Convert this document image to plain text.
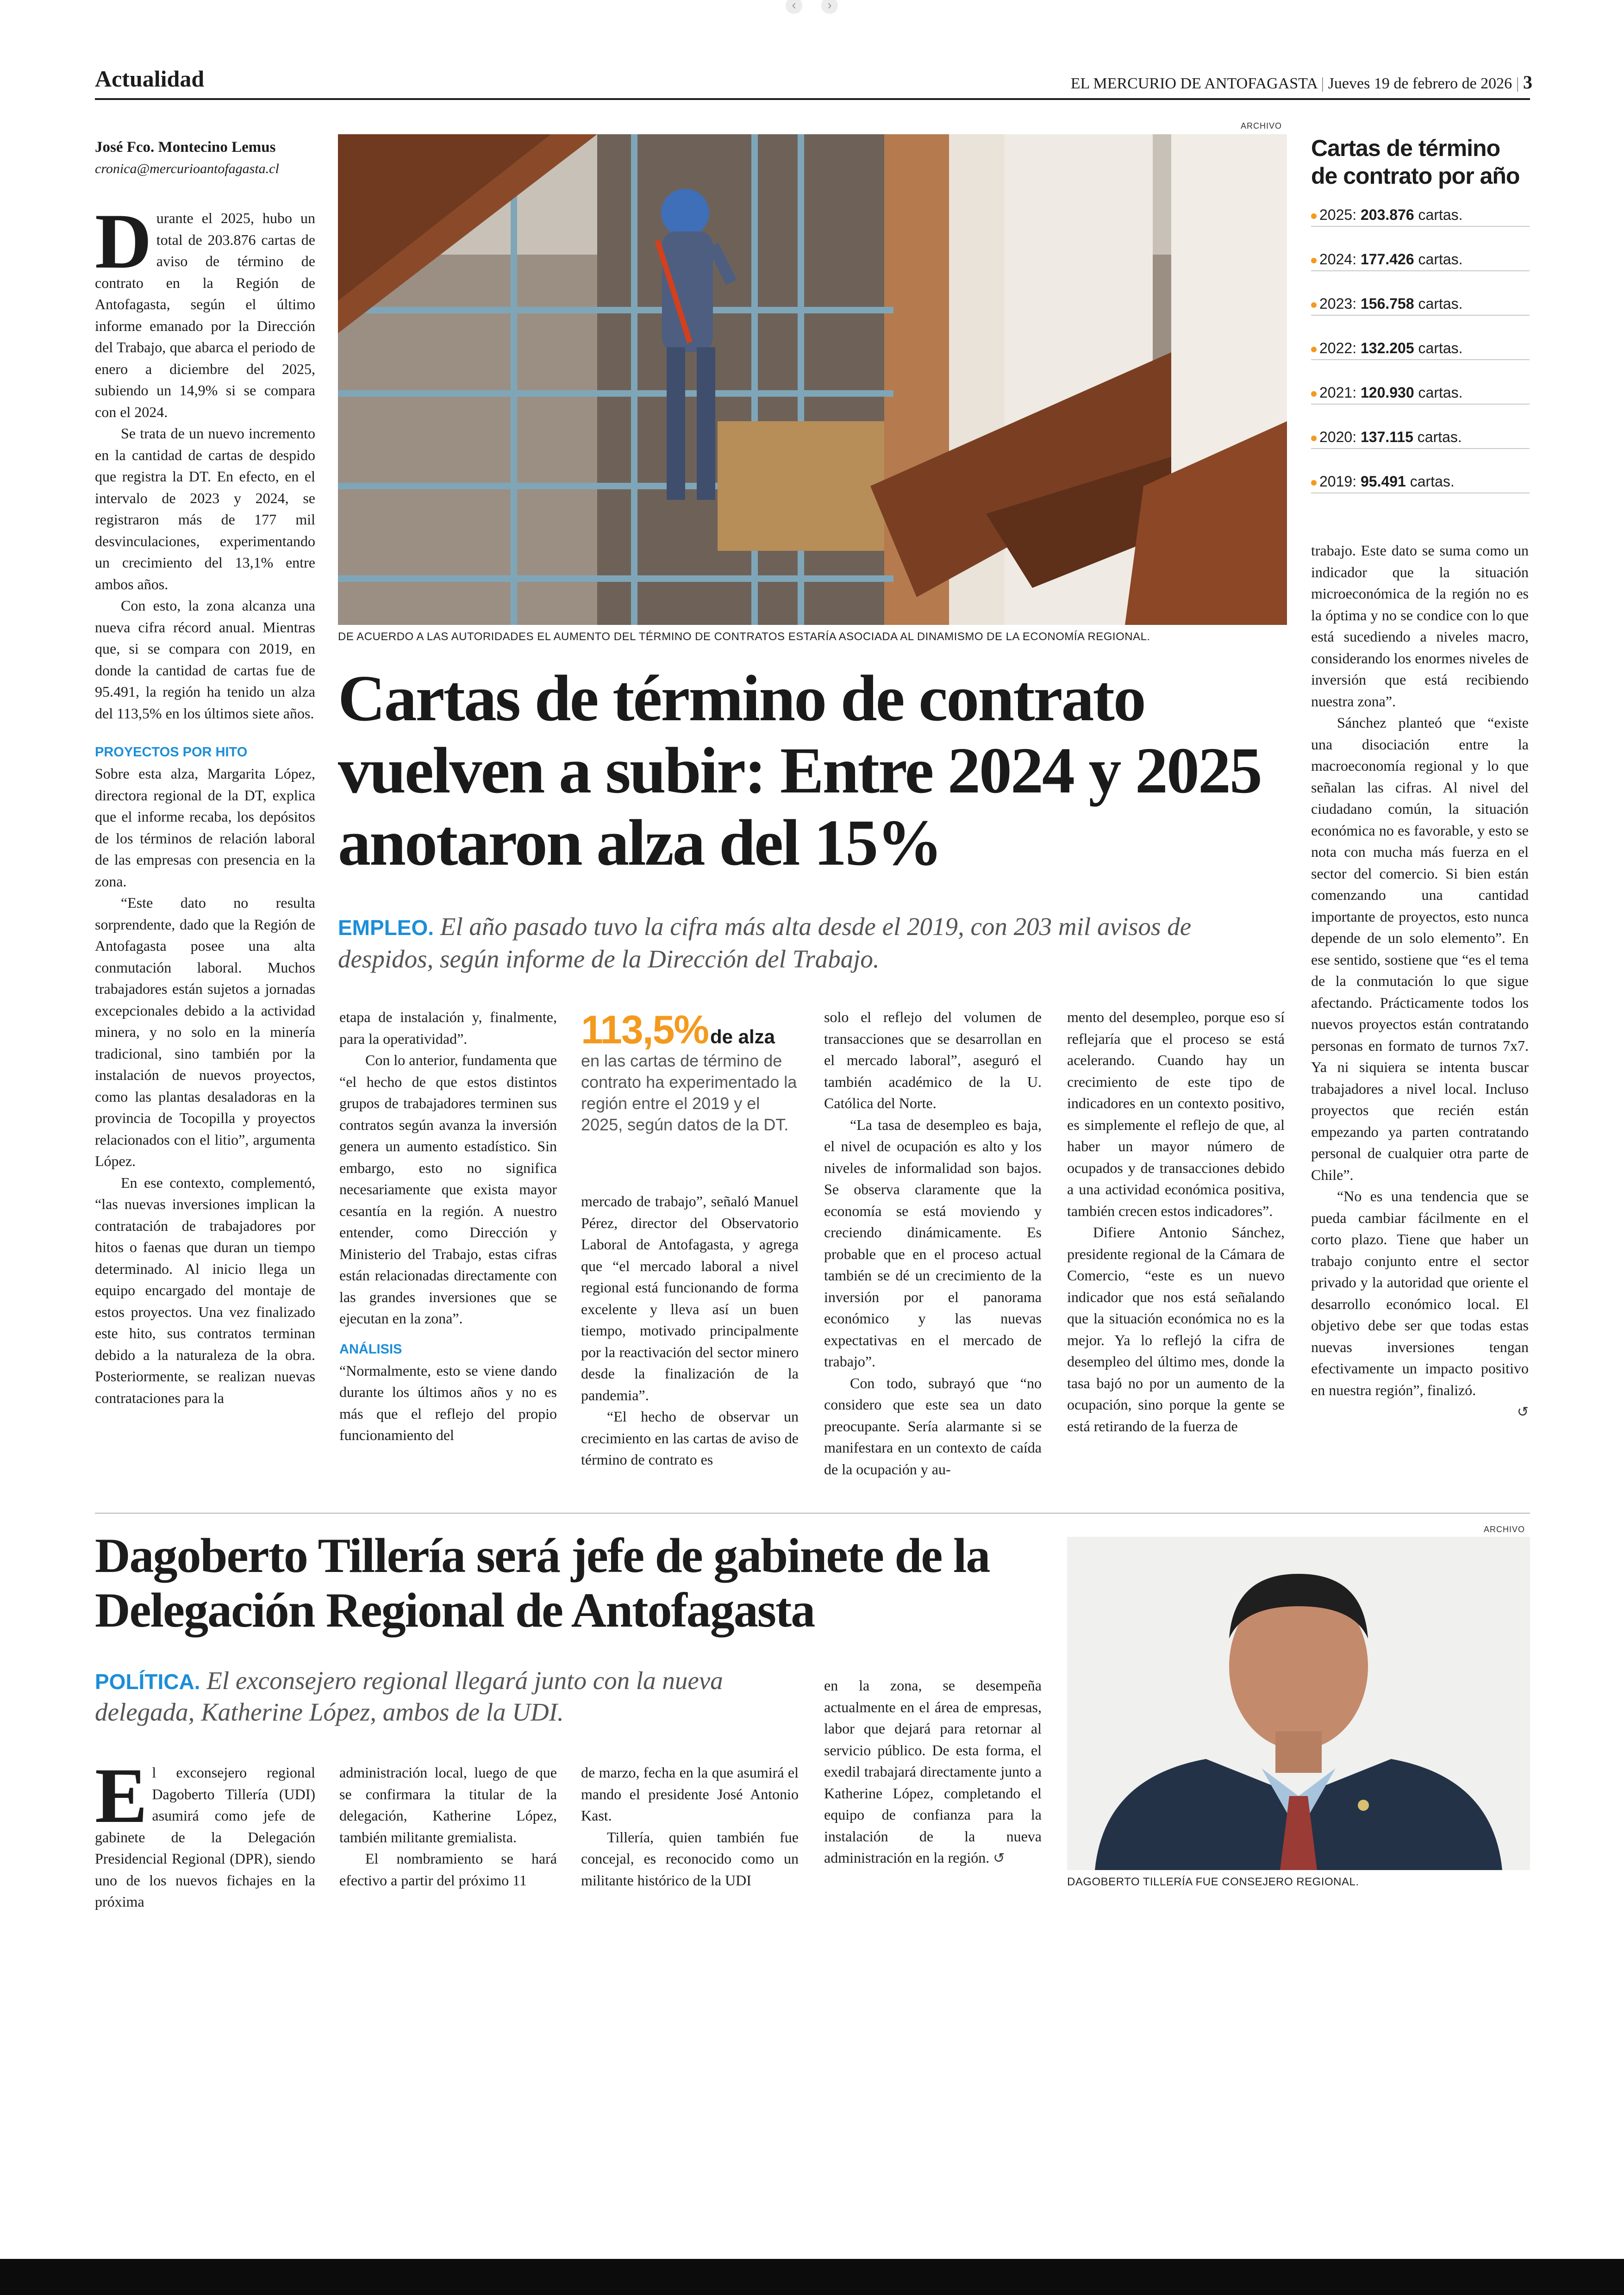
‹	›
Actualidad	EL MERCURIO DE ANTOFAGASTA | Jueves 19 de febrero de 2026 | 3
José Fco. Montecino Lemus
cronica@mercurioantofagasta.cl
ARCHIVO
DE ACUERDO A LAS AUTORIDADES EL AUMENTO DEL TÉRMINO DE CONTRATOS ESTARÍA ASOCIADA AL DINAMISMO DE LA ECONOMÍA REGIONAL.
Cartas de término de contrato vuelven a subir: Entre 2024 y 2025 anotaron alza del 15%
EMPLEO. El año pasado tuvo la cifra más alta desde el 2019, con 203 mil avisos de despidos, según informe de la Dirección del Trabajo.

Durante el 2025, hubo un total de 203.876 cartas de aviso de término de contrato en la Región de Antofagasta, según el último informe emanado por la Dirección del Trabajo, que abarca el periodo de enero a diciembre del 2025, subiendo un 14,9% si se compara con el 2024.

Se trata de un nuevo incremento en la cantidad de cartas de despido que registra la DT. En efecto, en el intervalo de 2023 y 2024, se registraron más de 177 mil desvinculaciones, experimentando un crecimiento del 13,1% entre ambos años.

Con esto, la zona alcanza una nueva cifra récord anual. Mientras que, si se compara con 2019, en donde la cantidad de cartas fue de 95.491, la región ha tenido un alza del 113,5% en los últimos siete años.

PROYECTOS POR HITO

Sobre esta alza, Margarita López, directora regional de la DT, explica que el informe recaba, los depósitos de los términos de relación laboral de las empresas con presencia en la zona.

“Este dato no resulta sorprendente, dado que la Región de Antofagasta posee una alta conmutación laboral. Muchos trabajadores están sujetos a jornadas excepcionales debido a la actividad minera, y no solo en la minería tradicional, sino también por la instalación de nuevos proyectos, como las plantas desaladoras en la provincia de Tocopilla y proyectos relacionados con el litio”, argumenta López.

En ese contexto, complementó, “las nuevas inversiones implican la contratación de trabajadores por hitos o faenas que duran un tiempo determinado. Al inicio llega un equipo encargado del montaje de estos proyectos. Una vez finalizado este hito, sus contratos terminan debido a la naturaleza de la obra. Posteriormente, se realizan nuevas contrataciones para la

etapa de instalación y, finalmente, para la operatividad”.

Con lo anterior, fundamenta que “el hecho de que estos distintos grupos de trabajadores terminen sus contratos según avanza la inversión genera un aumento estadístico. Sin embargo, esto no significa necesariamente que exista mayor cesantía en la región. A nuestro entender, como Dirección y Ministerio del Trabajo, estas cifras están relacionadas directamente con las grandes inversiones que se ejecutan en la zona”.

ANÁLISIS

“Normalmente, esto se viene dando durante los últimos años y no es más que el reflejo del propio funcionamiento del

113,5% de alza
en las cartas de término de contrato ha experimentado la región entre el 2019 y el 2025, según datos de la DT.

mercado de trabajo”, señaló Manuel Pérez, director del Observatorio Laboral de Antofagasta, y agrega que “el mercado laboral a nivel regional está funcionando de forma excelente y lleva así un buen tiempo, motivado principalmente por la reactivación del sector minero desde la finalización de la pandemia”.

“El hecho de observar un crecimiento en las cartas de aviso de término de contrato es

solo el reflejo del volumen de transacciones que se desarrollan en el mercado laboral”, aseguró el también académico de la U. Católica del Norte.

“La tasa de desempleo es baja, el nivel de ocupación es alto y los niveles de informalidad son bajos. Se observa claramente que la economía se está moviendo y creciendo dinámicamente. Es probable que en el proceso actual también se dé un crecimiento de la inversión por el panorama económico y las nuevas expectativas en el mercado de trabajo”.

Con todo, subrayó que “no considero que este sea un dato preocupante. Sería alarmante si se manifestara en un contexto de caída de la ocupación y au-

mento del desempleo, porque eso sí reflejaría que el proceso se está acelerando. Cuando hay un crecimiento de este tipo de indicadores en un contexto positivo, es simplemente el reflejo de que, al haber un mayor número de ocupados y de transacciones debido a una actividad económica positiva, también crecen estos indicadores”.

Difiere Antonio Sánchez, presidente regional de la Cámara de Comercio, “este es un nuevo indicador que nos está señalando que la situación económica no es la mejor. Ya lo reflejó la cifra de desempleo del último mes, donde la tasa bajó no por un aumento de la ocupación, sino porque la gente se está retirando de la fuerza de

Cartas de término de contrato por año
2025: 203.876 cartas.
2024: 177.426 cartas.
2023: 156.758 cartas.
2022: 132.205 cartas.
2021: 120.930 cartas.
2020: 137.115 cartas.
2019: 95.491 cartas.

trabajo. Este dato se suma como un indicador que la situación microeconómica de la región no es la óptima y no se condice con lo que está sucediendo a niveles macro, considerando los enormes niveles de inversión que está recibiendo nuestra zona”.

Sánchez planteó que “existe una disociación entre la macroeconomía regional y lo que señalan las cifras. Al nivel del ciudadano común, la situación económica no es favorable, y esto se nota con mucha más fuerza en el sector del comercio. Si bien están comenzando una cantidad importante de proyectos, esto nunca depende de un solo elemento”. En ese sentido, sostiene que “es el tema de la conmutación lo que sigue afectando. Prácticamente todos los nuevos proyectos están contratando personas en formato de turnos 7x7. Ya ni siquiera se intenta buscar trabajadores a nivel local. Incluso proyectos que recién están empezando ya parten contratando personal de cualquier otra parte de Chile”.

“No es una tendencia que se pueda cambiar fácilmente en el corto plazo. Tiene que haber un trabajo conjunto entre el sector privado y la autoridad que oriente el desarrollo económico local. El objetivo debe ser que todas estas nuevas inversiones tengan efectivamente un impacto positivo en nuestra región”, finalizó.

↺
Dagoberto Tillería será jefe de gabinete de la Delegación Regional de Antofagasta
POLÍTICA. El exconsejero regional llegará junto con la nueva delegada, Katherine López, ambos de la UDI.

El exconsejero regional Dagoberto Tillería (UDI) asumirá como jefe de gabinete de la Delegación Presidencial Regional (DPR), siendo uno de los nuevos fichajes en la próxima

administración local, luego de que se confirmara la titular de la delegación, Katherine López, también militante gremialista.

El nombramiento se hará efectivo a partir del próximo 11

de marzo, fecha en la que asumirá el mando el presidente José Antonio Kast.

Tillería, quien también fue concejal, es reconocido como un militante histórico de la UDI

en la zona, se desempeña actualmente en el área de empresas, labor que dejará para retornar al servicio público. De esta forma, el exedil trabajará directamente junto a Katherine López, completando el equipo de confianza para la instalación de la nueva administración en la región. ↺

ARCHIVO
DAGOBERTO TILLERÍA FUE CONSEJERO REGIONAL.
